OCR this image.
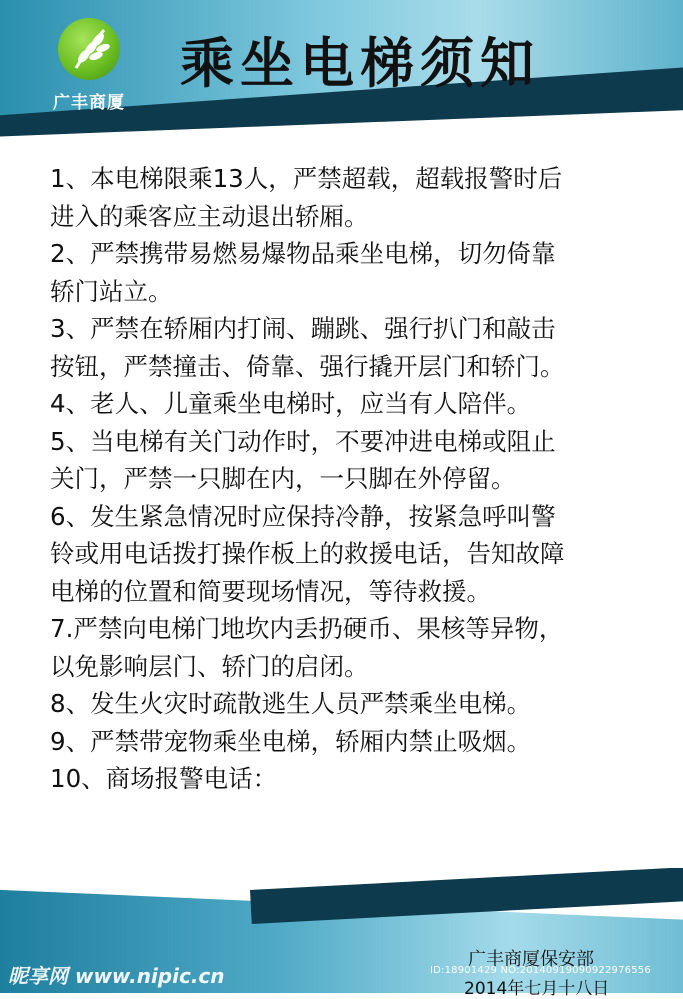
广丰商厦
乘坐电梯须知
1、本电梯限乘13人，严禁超载，超载报警时后
进入的乘客应主动退出轿厢。
2、严禁携带易燃易爆物品乘坐电梯，切勿倚靠
轿门站立。
3、严禁在轿厢内打闹、蹦跳、强行扒门和敲击
按钮，严禁撞击、倚靠、强行撬开层门和轿门。
4、老人、儿童乘坐电梯时，应当有人陪伴。
5、当电梯有关门动作时，不要冲进电梯或阻止
关门，严禁一只脚在内，一只脚在外停留。
6、发生紧急情况时应保持冷静，按紧急呼叫警
铃或用电话拨打操作板上的救援电话，告知故障
电梯的位置和简要现场情况，等待救援。
7.严禁向电梯门地坎内丢扔硬币、果核等异物，
以免影响层门、轿门的启闭。
8、发生火灾时疏散逃生人员严禁乘坐电梯。
9、严禁带宠物乘坐电梯，轿厢内禁止吸烟。
10、商场报警电话：
广丰商厦保安部
2014年七月十八日
昵享网 www.nipic.cn	ID:18901429 NO:20140919090922976556
